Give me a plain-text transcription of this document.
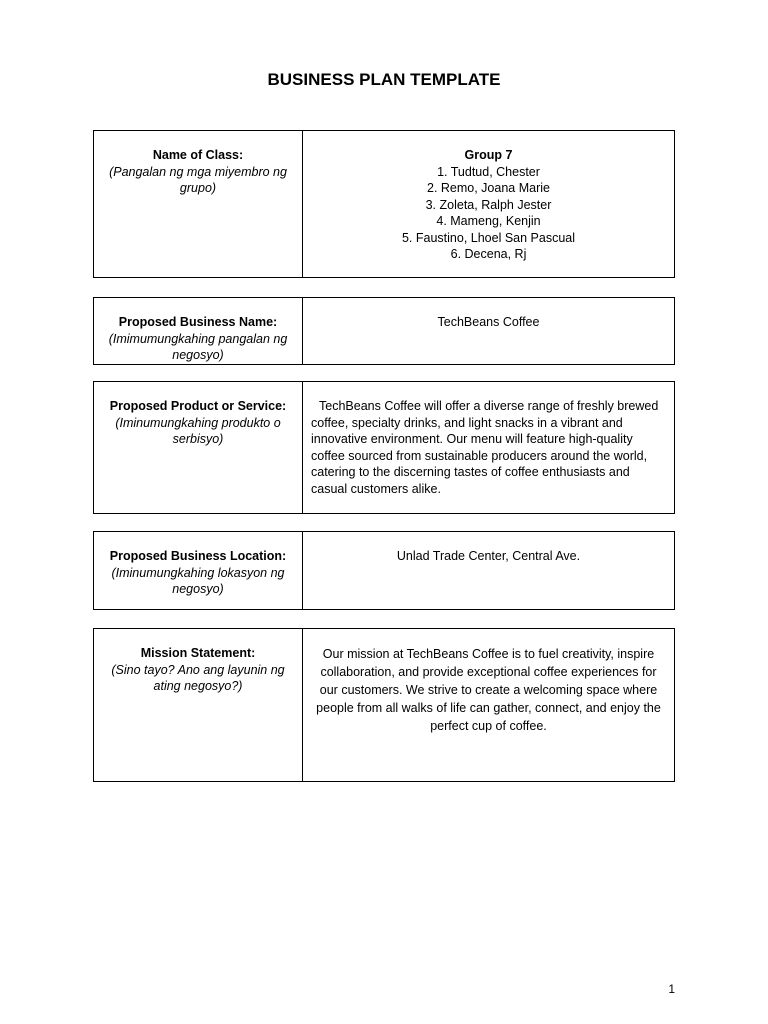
BUSINESS PLAN TEMPLATE
Name of Class:
(Pangalan ng mga miyembro ng grupo)

Group 7
1. Tudtud, Chester
2. Remo, Joana Marie
3. Zoleta, Ralph Jester
4. Mameng, Kenjin
5. Faustino, Lhoel San Pascual
6. Decena, Rj
Proposed Business Name:
(Imimumungkahing pangalan ng negosyo)

TechBeans Coffee
Proposed Product or Service:
(Iminumungkahing produkto o serbisyo)

TechBeans Coffee will offer a diverse range of freshly brewed coffee, specialty drinks, and light snacks in a vibrant and innovative environment. Our menu will feature high-quality coffee sourced from sustainable producers around the world, catering to the discerning tastes of coffee enthusiasts and casual customers alike.
Proposed Business Location:
(Iminumungkahing lokasyon ng negosyo)

Unlad Trade Center, Central Ave.
Mission Statement:
(Sino tayo? Ano ang layunin ng ating negosyo?)

Our mission at TechBeans Coffee is to fuel creativity, inspire collaboration, and provide exceptional coffee experiences for our customers. We strive to create a welcoming space where people from all walks of life can gather, connect, and enjoy the perfect cup of coffee.
1
